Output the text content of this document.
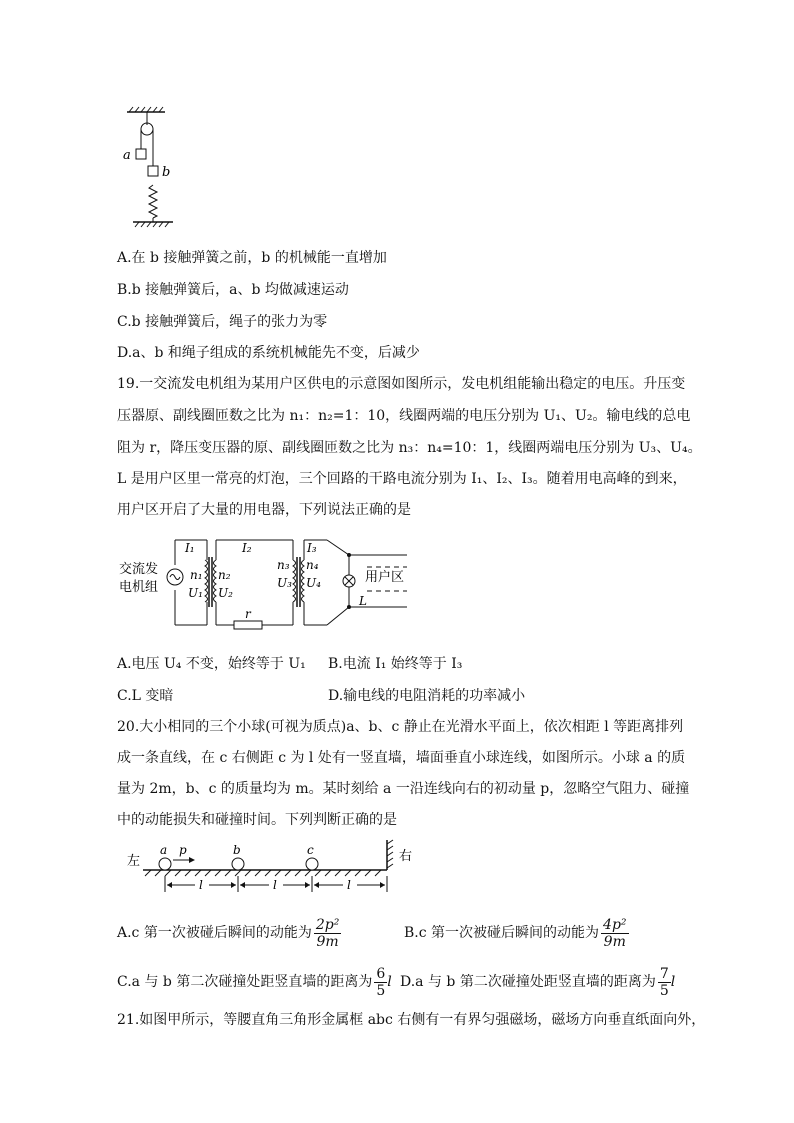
a
b
A.在 b 接触弹簧之前，b 的机械能一直增加
B.b 接触弹簧后，a、b 均做减速运动
C.b 接触弹簧后，绳子的张力为零
D.a、b 和绳子组成的系统机械能先不变，后减少
19.一交流发电机组为某用户区供电的示意图如图所示，发电机组能输出稳定的电压。升压变
压器原、副线圈匝数之比为 n₁：n₂=1：10，线圈两端的电压分别为 U₁、U₂。输电线的总电
阻为 r，降压变压器的原、副线圈匝数之比为 n₃：n₄=10：1，线圈两端电压分别为 U₃、U₄。
L 是用户区里一常亮的灯泡，三个回路的干路电流分别为 I₁、I₂、I₃。随着用电高峰的到来，
用户区开启了大量的用电器，下列说法正确的是
交流发
电机组
I₁	I₂	I₃
n₁ n₂
U₁ U₂
n₃ n₄
U₃ U₄
r
用户区
L
A.电压 U₄ 不变，始终等于 U₁ B.电流 I₁ 始终等于 I₃
C.L 变暗	D.输电线的电阻消耗的功率减小
20.大小相同的三个小球(可视为质点)a、b、c 静止在光滑水平面上，依次相距 l 等距离排列
成一条直线，在 c 右侧距 c 为 l 处有一竖直墙，墙面垂直小球连线，如图所示。小球 a 的质
量为 2m，b、c 的质量均为 m。某时刻给 a 一沿连线向右的初动量 p，忽略空气阻力、碰撞
中的动能损失和碰撞时间。下列判断正确的是
左	右
a p	b	c
l	l	l
A.c 第一次被碰后瞬间的动能为 $\frac{\text{2p²}}{9m}$	B.c 第一次被碰后瞬间的动能为 $\frac{\text{4p²}}{9m}$
C.a 与 b 第二次碰撞处距竖直墙的距离为 $\frac{6}{5}$ l D.a 与 b 第二次碰撞处距竖直墙的距离为 $\frac{7}{5}$ l
21.如图甲所示，等腰直角三角形金属框 abc 右侧有一有界匀强磁场，磁场方向垂直纸面向外，
